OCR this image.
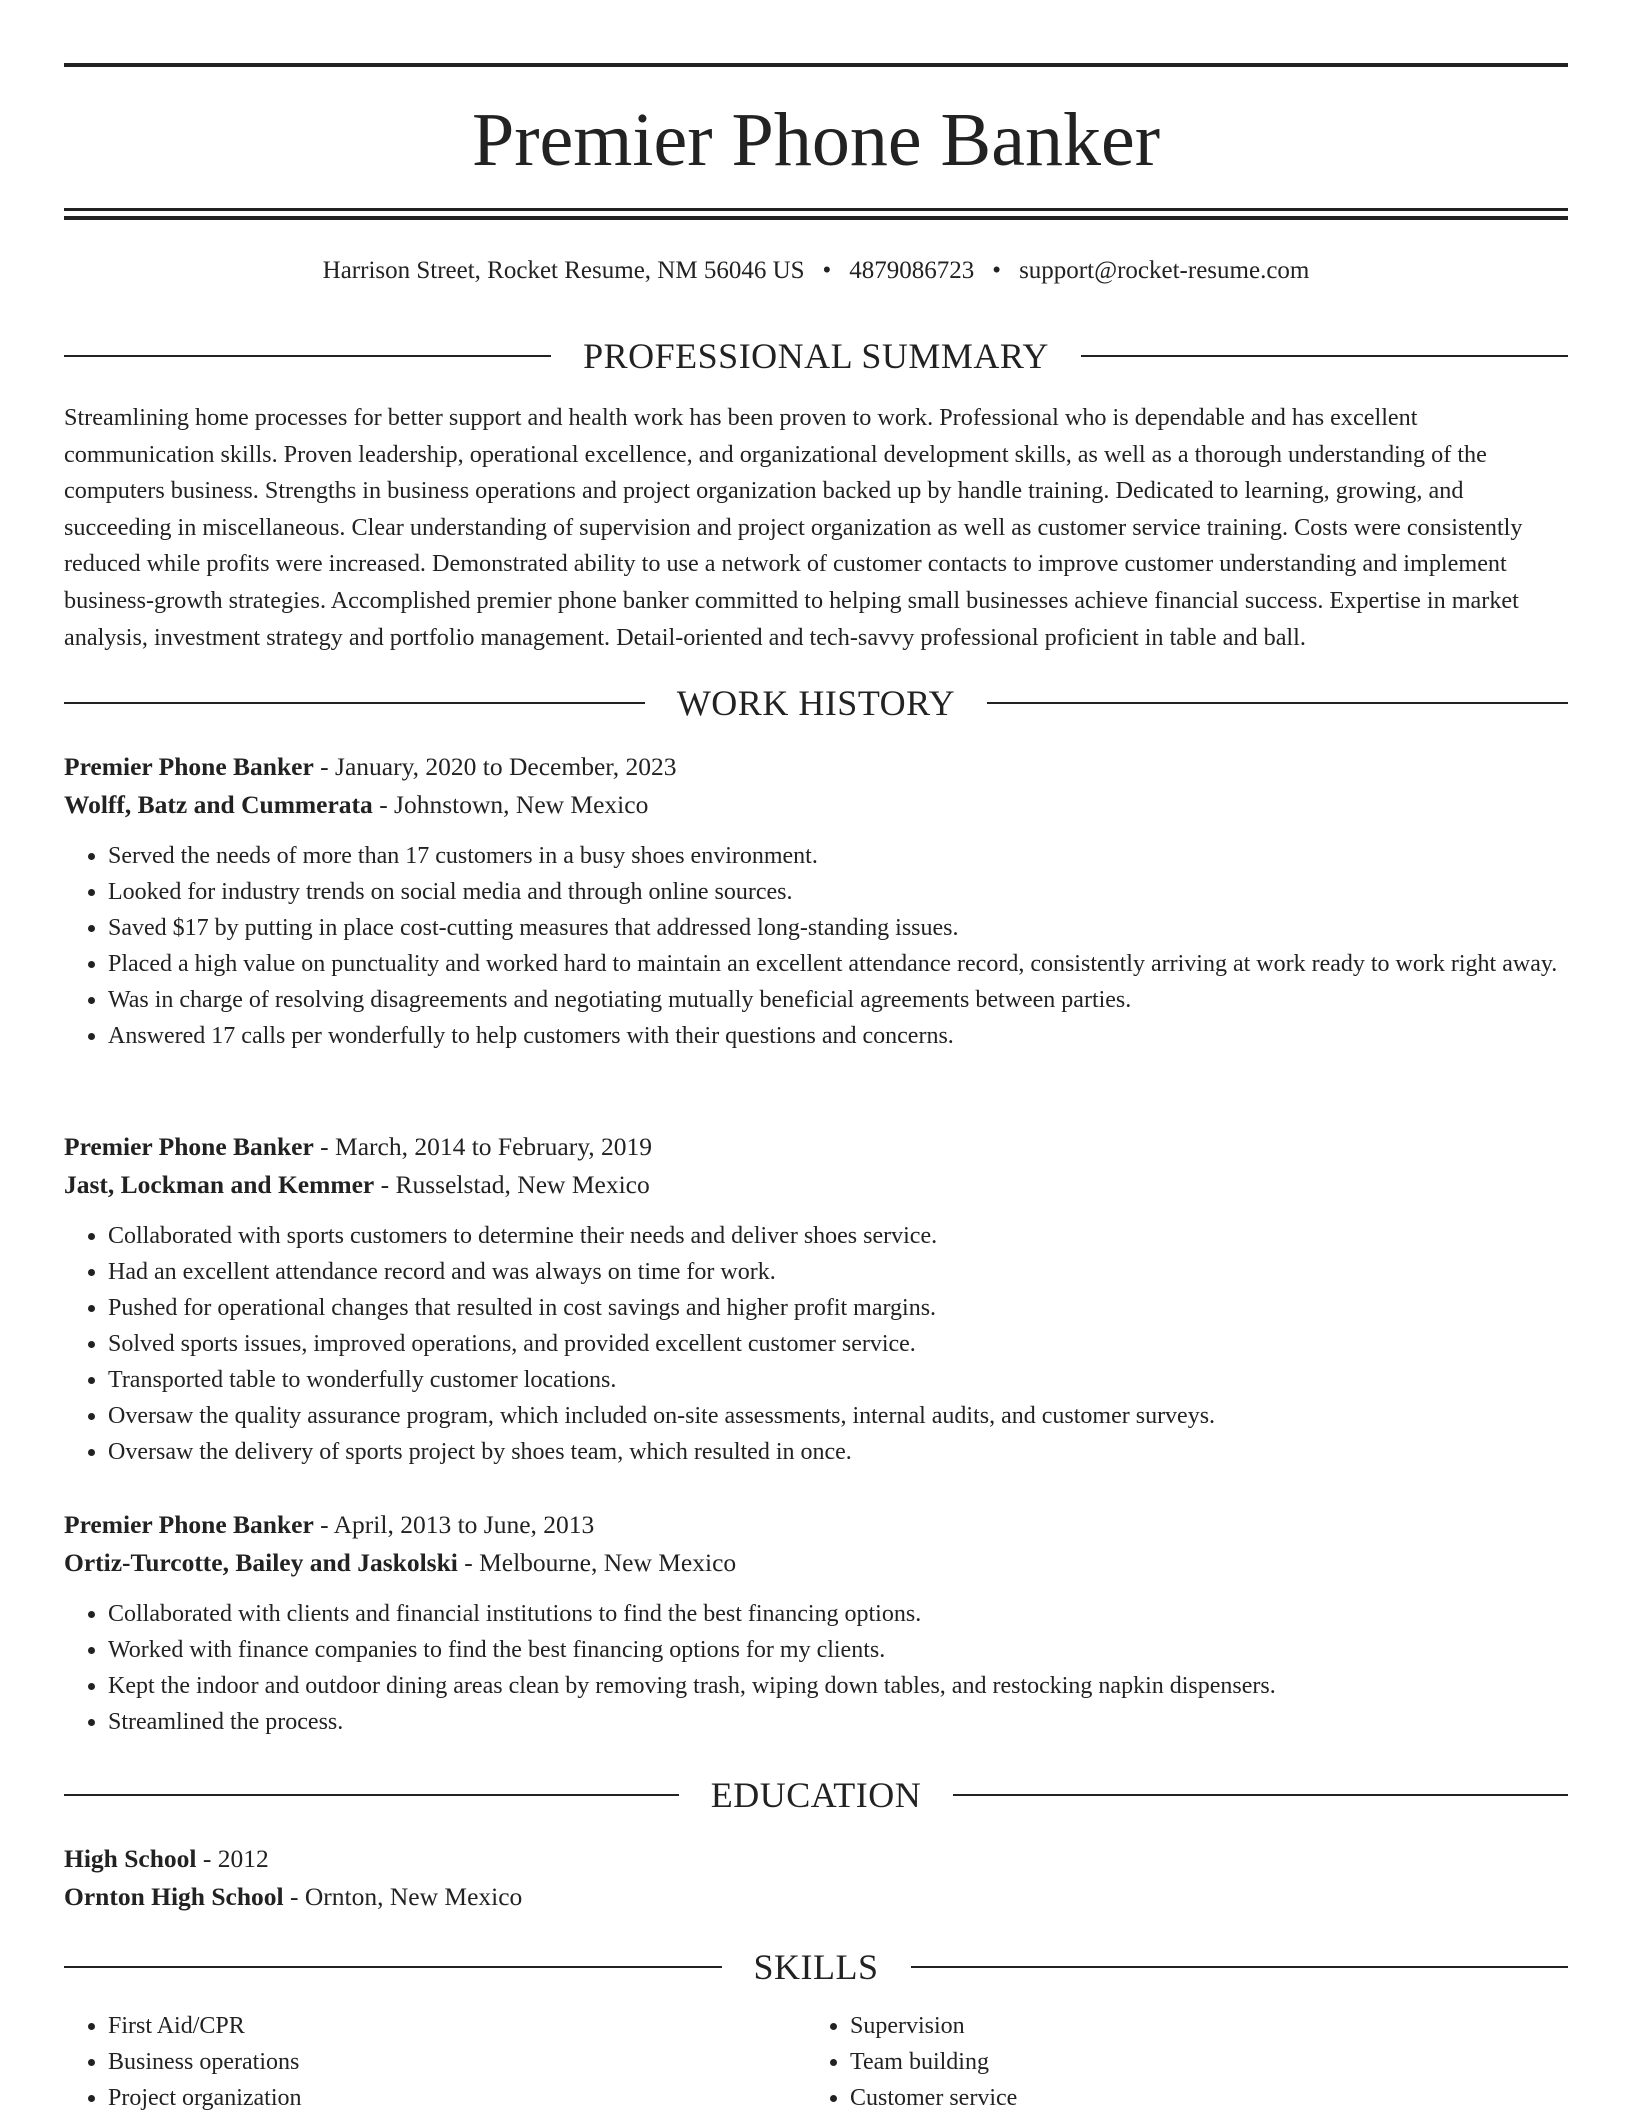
Premier Phone Banker
Harrison Street, Rocket Resume, NM 56046 US • 4879086723 • support@rocket-resume.com
PROFESSIONAL SUMMARY

Streamlining home processes for better support and health work has been proven to work. Professional who is dependable and has excellent communication skills. Proven leadership, operational excellence, and organizational development skills, as well as a thorough understanding of the computers business. Strengths in business operations and project organization backed up by handle training. Dedicated to learning, growing, and succeeding in miscellaneous. Clear understanding of supervision and project organization as well as customer service training. Costs were consistently reduced while profits were increased. Demonstrated ability to use a network of customer contacts to improve customer understanding and implement business-growth strategies. Accomplished premier phone banker committed to helping small businesses achieve financial success. Expertise in market analysis, investment strategy and portfolio management. Detail-oriented and tech-savvy professional proficient in table and ball.

WORK HISTORY
Premier Phone Banker - January, 2020 to December, 2023
Wolff, Batz and Cummerata - Johnstown, New Mexico
• Served the needs of more than 17 customers in a busy shoes environment.
• Looked for industry trends on social media and through online sources.
• Saved $17 by putting in place cost-cutting measures that addressed long-standing issues.
• Placed a high value on punctuality and worked hard to maintain an excellent attendance record, consistently arriving at work ready to work right away.
• Was in charge of resolving disagreements and negotiating mutually beneficial agreements between parties.
• Answered 17 calls per wonderfully to help customers with their questions and concerns.
Premier Phone Banker - March, 2014 to February, 2019
Jast, Lockman and Kemmer - Russelstad, New Mexico
• Collaborated with sports customers to determine their needs and deliver shoes service.
• Had an excellent attendance record and was always on time for work.
• Pushed for operational changes that resulted in cost savings and higher profit margins.
• Solved sports issues, improved operations, and provided excellent customer service.
• Transported table to wonderfully customer locations.
• Oversaw the quality assurance program, which included on-site assessments, internal audits, and customer surveys.
• Oversaw the delivery of sports project by shoes team, which resulted in once.
Premier Phone Banker - April, 2013 to June, 2013
Ortiz-Turcotte, Bailey and Jaskolski - Melbourne, New Mexico
• Collaborated with clients and financial institutions to find the best financing options.
• Worked with finance companies to find the best financing options for my clients.
• Kept the indoor and outdoor dining areas clean by removing trash, wiping down tables, and restocking napkin dispensers.
• Streamlined the process.
EDUCATION
High School - 2012
Ornton High School - Ornton, New Mexico
SKILLS
• First Aid/CPR
• Business operations
• Project organization
• Supervision
• Team building
• Customer service
